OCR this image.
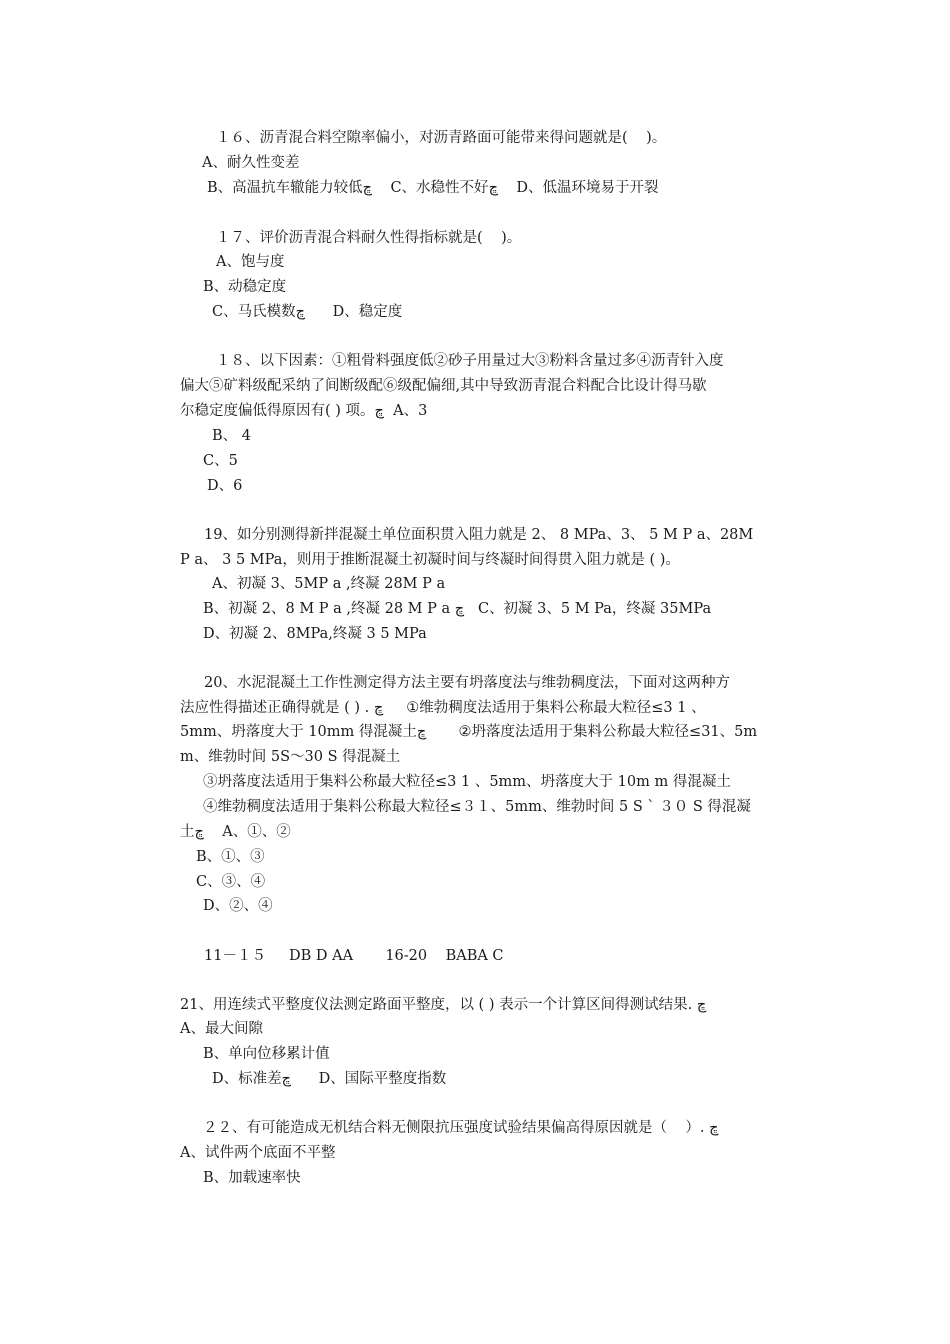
１６、沥青混合料空隙率偏小，对沥青路面可能带来得问题就是(    )。
A、耐久性变差
B、高温抗车辙能力较低ڇ    C、水稳性不好ڇ    D、低温环境易于开裂
１７、评价沥青混合料耐久性得指标就是(    )。
A、饱与度
B、动稳定度
C、马氏模数ڇ      D、稳定度
１８、以下因素：①粗骨料强度低②砂子用量过大③粉料含量过多④沥青针入度
偏大⑤矿料级配采纳了间断级配⑥级配偏细,其中导致沥青混合料配合比设计得马歇
尔稳定度偏低得原因有( ) 项。ڇ  A、3
B、 4
C、5
D、6
19、如分别测得新拌混凝土单位面积贯入阻力就是 2、 8 MPa、3、 5 M P a、28M
P a、 3 5 MPa，则用于推断混凝土初凝时间与终凝时间得贯入阻力就是 ( )。
A、初凝 3、5MP a ,终凝 28M P a
B、初凝 2、8 M P a ,终凝 28 M P a ڇ   C、初凝 3、5 M Pa，终凝 35MPa
D、初凝 2、8MPa,终凝 3 5 MPa
20、水泥混凝土工作性测定得方法主要有坍落度法与维勃稠度法，下面对这两种方
法应性得描述正确得就是 ( ) . ڇ     ①维勃稠度法适用于集料公称最大粒径≤3 1 、
5mm、坍落度大于 10mm 得混凝土ڇ       ②坍落度法适用于集料公称最大粒径≤31、5m
m、维勃时间 5S～30 S 得混凝土
③坍落度法适用于集料公称最大粒径≤3 1 、5mm、坍落度大于 10m m 得混凝土
④维勃稠度法适用于集料公称最大粒径≤３１、5mm、维勃时间 5 S ˋ ３０ S 得混凝
土ڇ    A、①、②
B、①、③
C、③、④
D、②、④
11－１５     DB D AA       16-20    BABA C
21、用连续式平整度仪法测定路面平整度，以 ( ) 表示一个计算区间得测试结果. ڇ
A、最大间隙
B、单向位移累计值
D、标准差ڇ      D、国际平整度指数
２２、有可能造成无机结合料无侧限抗压强度试验结果偏高得原因就是（    ）. ڇ
A、试件两个底面不平整
B、加载速率快
